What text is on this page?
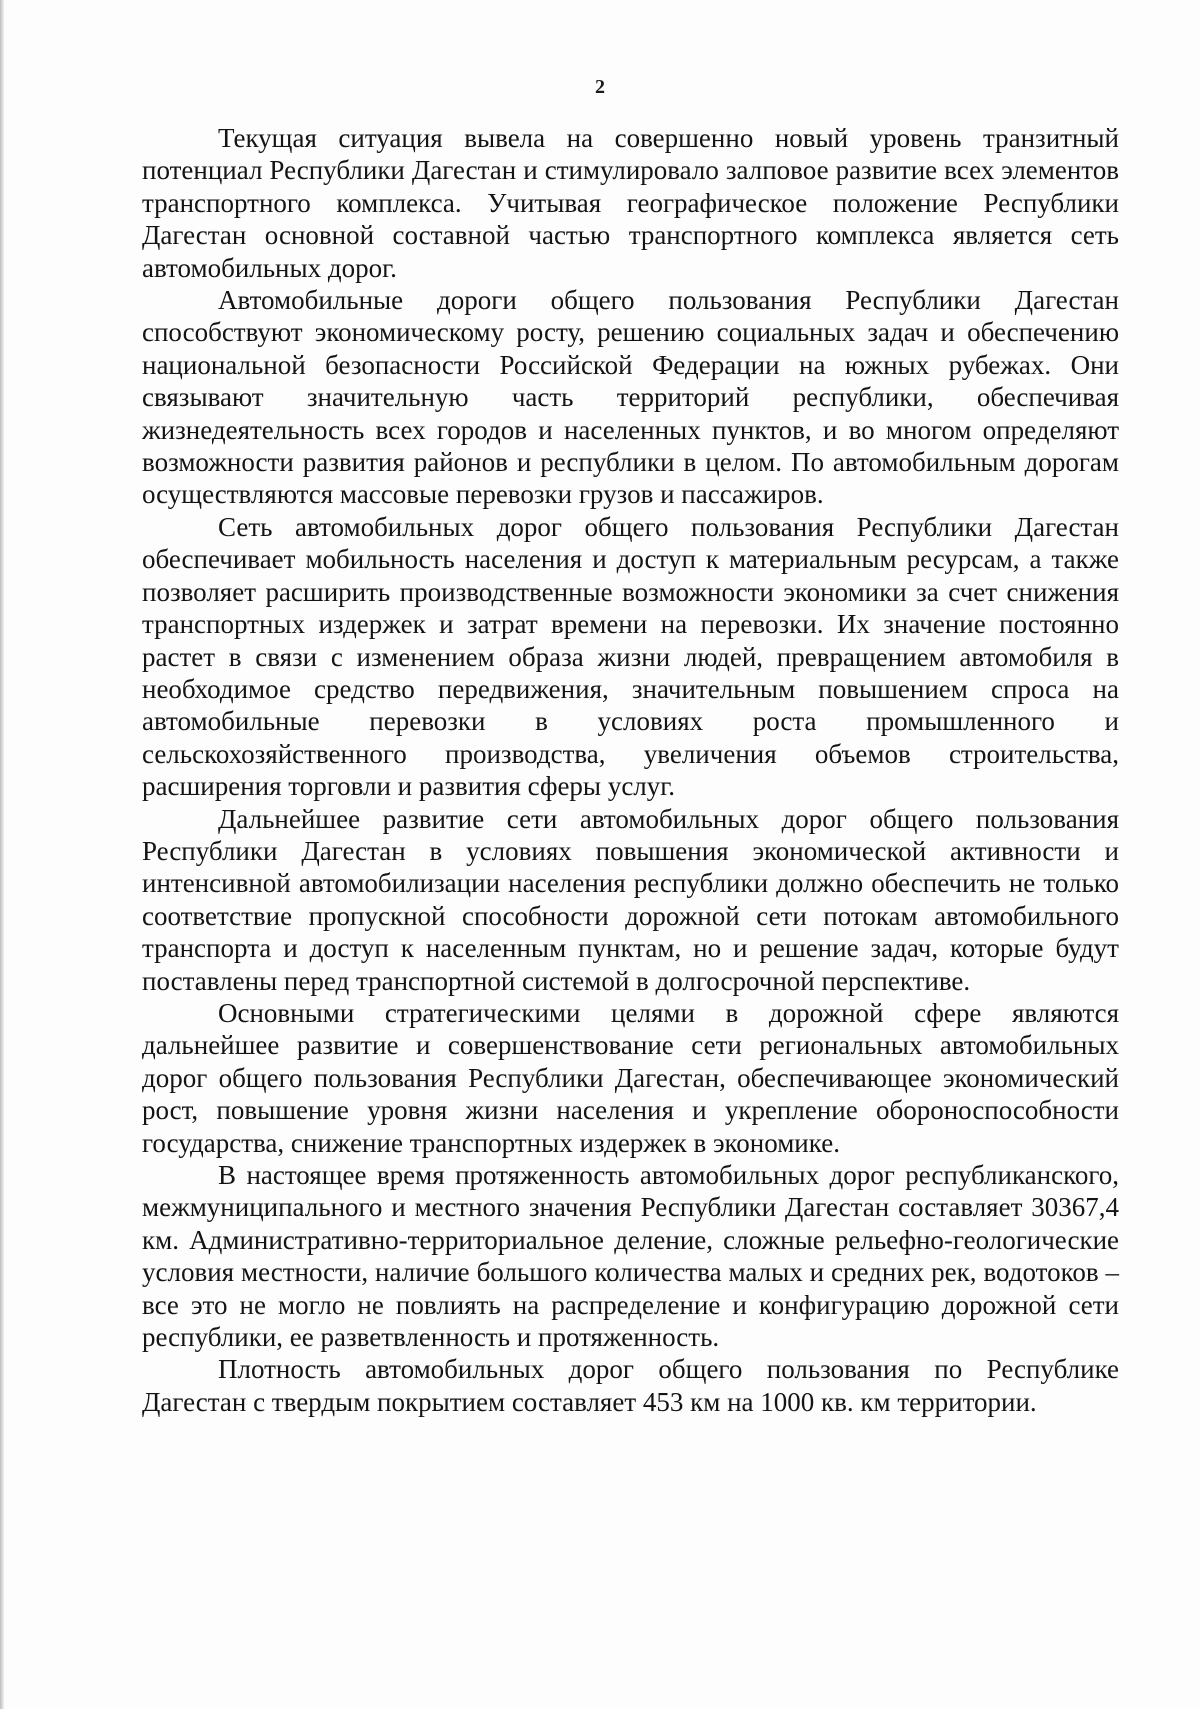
2

Текущая ситуация вывела на совершенно новый уровень транзитный потенциал Республики Дагестан и стимулировало залповое развитие всех элементов транспортного комплекса. Учитывая географическое положение Республики Дагестан основной составной частью транспортного комплекса является сеть автомобильных дорог.

Автомобильные дороги общего пользования Республики Дагестан способствуют экономическому росту, решению социальных задач и обеспечению национальной безопасности Российской Федерации на южных рубежах. Они связывают значительную часть территорий республики, обеспечивая жизнедеятельность всех городов и населенных пунктов, и во многом определяют возможности развития районов и республики в целом. По автомобильным дорогам осуществляются массовые перевозки грузов и пассажиров.

Сеть автомобильных дорог общего пользования Республики Дагестан обеспечивает мобильность населения и доступ к материальным ресурсам, а также позволяет расширить производственные возможности экономики за счет снижения транспортных издержек и затрат времени на перевозки. Их значение постоянно растет в связи с изменением образа жизни людей, превращением автомобиля в необходимое средство передвижения, значительным повышением спроса на автомобильные перевозки в условиях роста промышленного и сельскохозяйственного производства, увеличения объемов строительства, расширения торговли и развития сферы услуг.

Дальнейшее развитие сети автомобильных дорог общего пользования Республики Дагестан в условиях повышения экономической активности и интенсивной автомобилизации населения республики должно обеспечить не только соответствие пропускной способности дорожной сети потокам автомобильного транспорта и доступ к населенным пунктам, но и решение задач, которые будут поставлены перед транспортной системой в долгосрочной перспективе.

Основными стратегическими целями в дорожной сфере являются дальнейшее развитие и совершенствование сети региональных автомобильных дорог общего пользования Республики Дагестан, обеспечивающее экономический рост, повышение уровня жизни населения и укрепление обороноспособности государства, снижение транспортных издержек в экономике.

В настоящее время протяженность автомобильных дорог республиканского, межмуниципального и местного значения Республики Дагестан составляет 30367,4 км. Административно-территориальное деление, сложные рельефно-геологические условия местности, наличие большого количества малых и средних рек, водотоков – все это не могло не повлиять на распределение и конфигурацию дорожной сети республики, ее разветвленность и протяженность.

Плотность автомобильных дорог общего пользования по Республике Дагестан с твердым покрытием составляет 453 км на 1000 кв. км территории.
